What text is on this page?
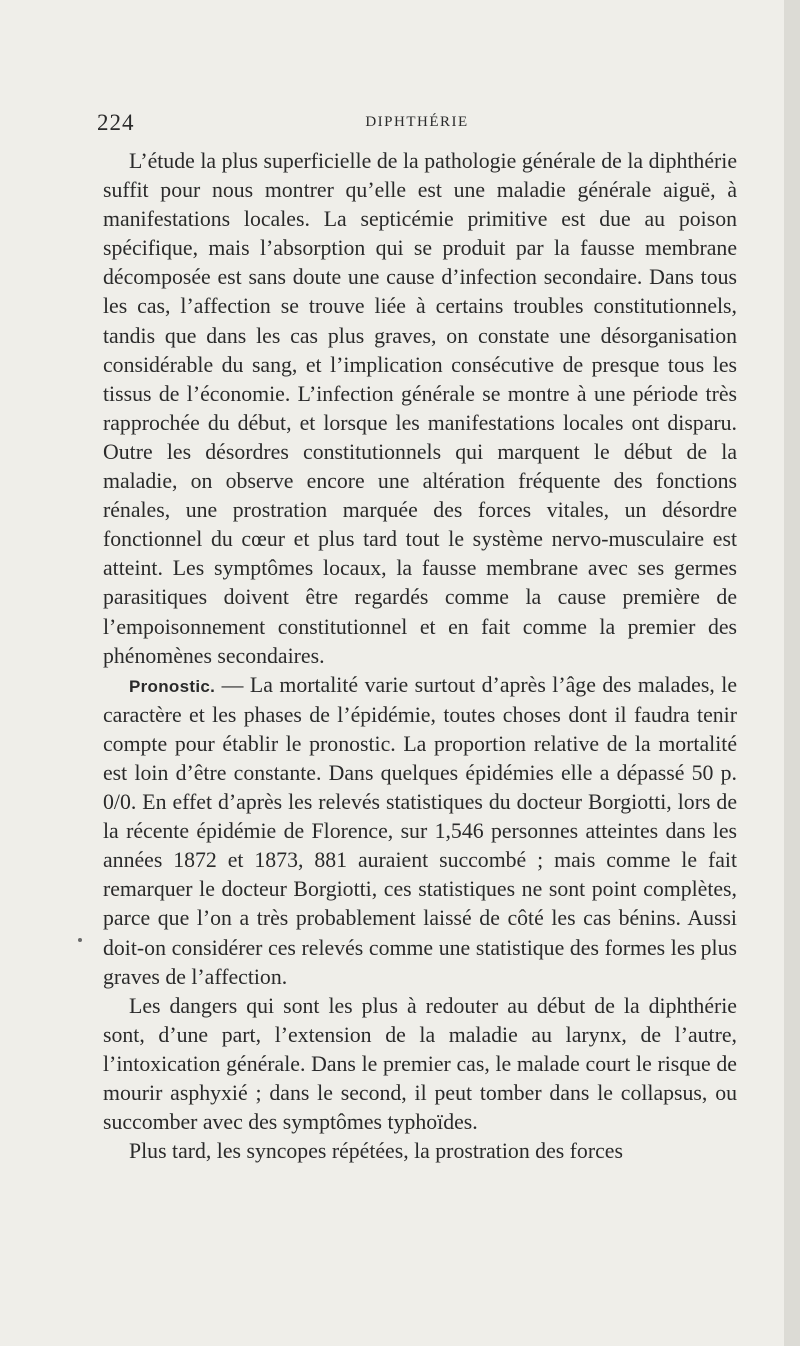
224	DIPHTHÉRIE

L’étude la plus superficielle de la pathologie générale de la diphthérie suffit pour nous montrer qu’elle est une maladie générale aiguë, à manifestations locales. La septicémie primitive est due au poison spécifique, mais l’absorption qui se produit par la fausse membrane décomposée est sans doute une cause d’infection secondaire. Dans tous les cas, l’affection se trouve liée à certains troubles constitutionnels, tandis que dans les cas plus graves, on constate une désorganisation considérable du sang, et l’implication consécutive de presque tous les tissus de l’économie. L’infection générale se montre à une période très rapprochée du début, et lorsque les manifestations locales ont disparu. Outre les désordres constitutionnels qui marquent le début de la maladie, on observe encore une altération fréquente des fonctions rénales, une prostration marquée des forces vitales, un désordre fonctionnel du cœur et plus tard tout le système nervo-musculaire est atteint. Les symptômes locaux, la fausse membrane avec ses germes parasitiques doivent être regardés comme la cause première de l’empoisonnement constitutionnel et en fait comme la premier des phénomènes secondaires.

Pronostic. — La mortalité varie surtout d’après l’âge des malades, le caractère et les phases de l’épidémie, toutes choses dont il faudra tenir compte pour établir le pronostic. La proportion relative de la mortalité est loin d’être constante. Dans quelques épidémies elle a dépassé 50 p. 0/0. En effet d’après les relevés statistiques du docteur Borgiotti, lors de la récente épidémie de Florence, sur 1,546 personnes atteintes dans les années 1872 et 1873, 881 auraient succombé ; mais comme le fait remarquer le docteur Borgiotti, ces statistiques ne sont point complètes, parce que l’on a très probablement laissé de côté les cas bénins. Aussi doit-on considérer ces relevés comme une statistique des formes les plus graves de l’affection.

Les dangers qui sont les plus à redouter au début de la diphthérie sont, d’une part, l’extension de la maladie au larynx, de l’autre, l’intoxication générale. Dans le premier cas, le malade court le risque de mourir asphyxié ; dans le second, il peut tomber dans le collapsus, ou succomber avec des symptômes typhoïdes.

Plus tard, les syncopes répétées, la prostration des forces
